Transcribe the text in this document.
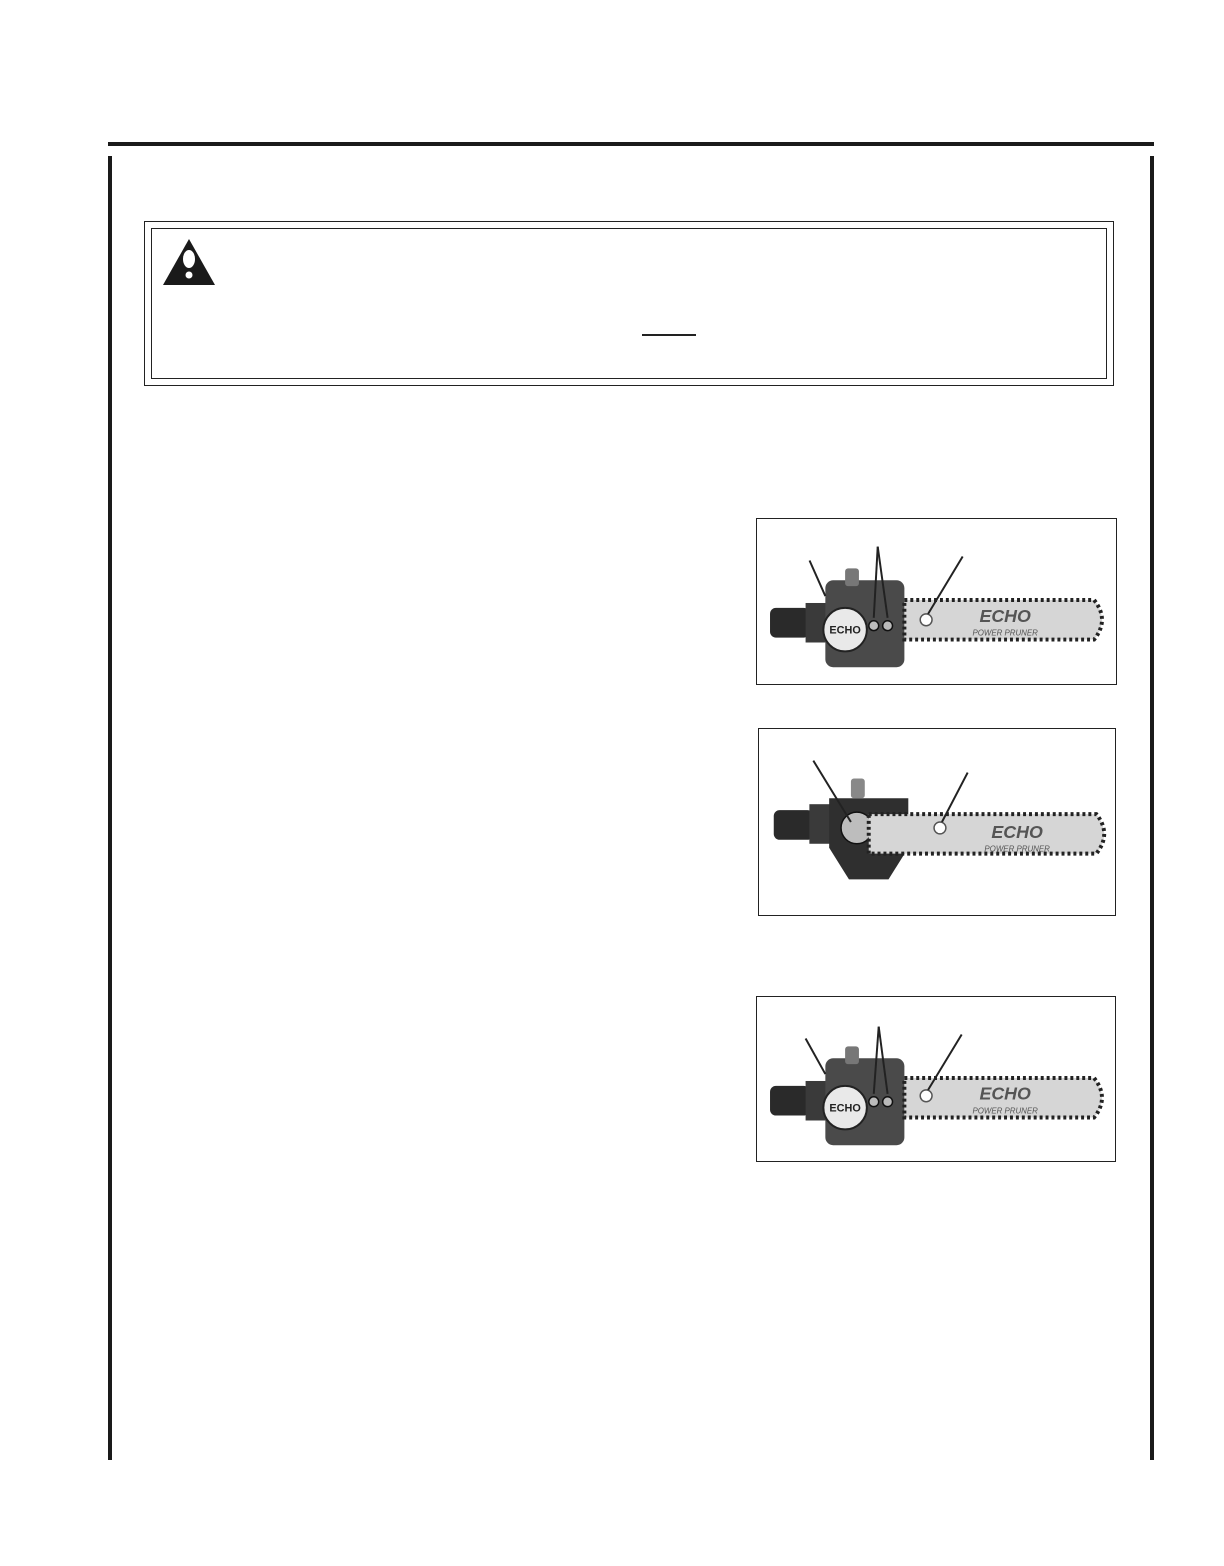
ECHO
ECHO
POWER PRUNER
ECHO
POWER PRUNER
ECHO
ECHO
POWER PRUNER
